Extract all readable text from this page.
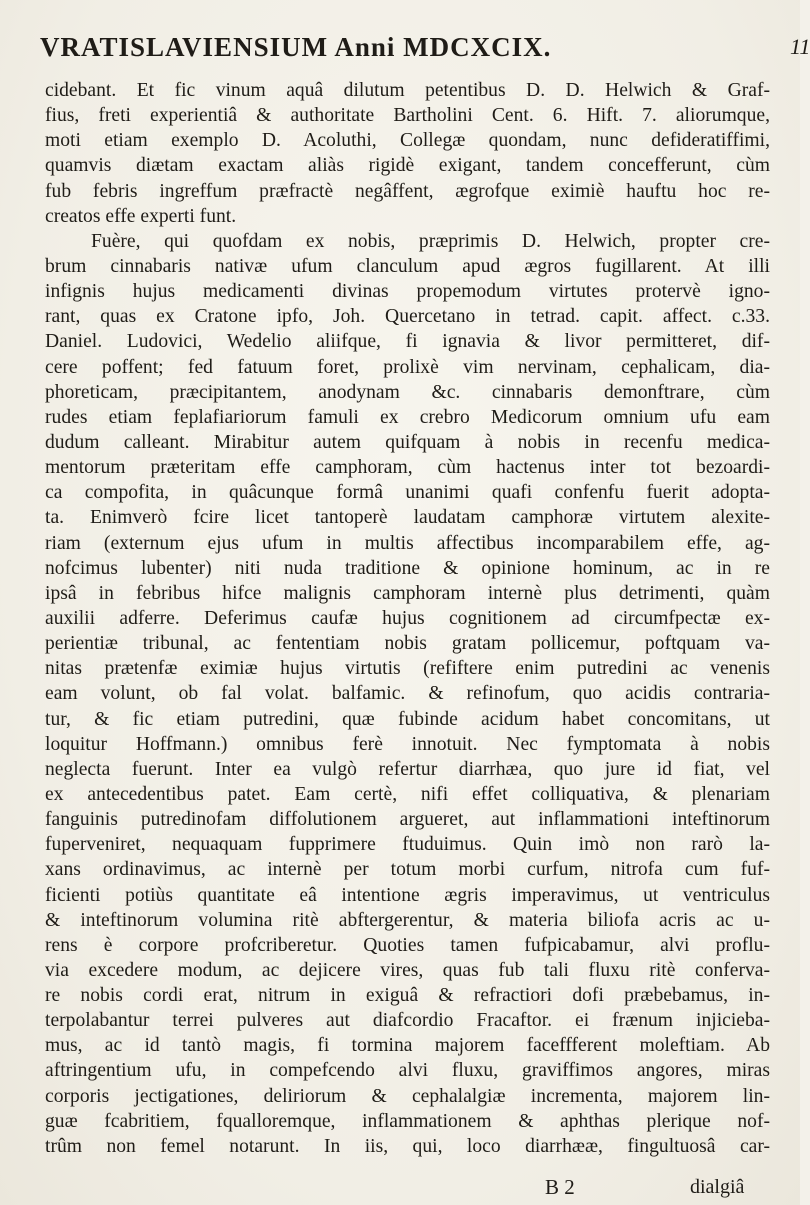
VRATISLAVIENSIUM Anni MDCXCIX.	11
cidebant. Et fic vinum aquâ dilutum petentibus D. D. Helwich & Graf-
fius, freti experientiâ & authoritate Bartholini Cent. 6. Hift. 7. aliorumque,
moti etiam exemplo D. Acoluthi, Collegæ quondam, nunc defideratiffimi,
quamvis diætam exactam aliàs rigidè exigant, tandem concefferunt, cùm
fub febris ingreffum præfractè negâffent, ægrofque eximiè hauftu hoc re-
creatos effe experti funt.
Fuère, qui quofdam ex nobis, præprimis D. Helwich, propter cre-
brum cinnabaris nativæ ufum clanculum apud ægros fugillarent. At illi
infignis hujus medicamenti divinas propemodum virtutes protervè igno-
rant, quas ex Cratone ipfo, Joh. Quercetano in tetrad. capit. affect. c.33.
Daniel. Ludovici, Wedelio aliifque, fi ignavia & livor permitteret, dif-
cere poffent; fed fatuum foret, prolixè vim nervinam, cephalicam, dia-
phoreticam, præcipitantem, anodynam &c. cinnabaris demonftrare, cùm
rudes etiam feplafiariorum famuli ex crebro Medicorum omnium ufu eam
dudum calleant. Mirabitur autem quifquam à nobis in recenfu medica-
mentorum præteritam effe camphoram, cùm hactenus inter tot bezoardi-
ca compofita, in quâcunque formâ unanimi quafi confenfu fuerit adopta-
ta. Enimverò fcire licet tantoperè laudatam camphoræ virtutem alexite-
riam (externum ejus ufum in multis affectibus incomparabilem effe, ag-
nofcimus lubenter) niti nuda traditione & opinione hominum, ac in re
ipsâ in febribus hifce malignis camphoram internè plus detrimenti, quàm
auxilii adferre. Deferimus caufæ hujus cognitionem ad circumfpectæ ex-
perientiæ tribunal, ac fententiam nobis gratam pollicemur, poftquam va-
nitas prætenfæ eximiæ hujus virtutis (refiftere enim putredini ac venenis
eam volunt, ob fal volat. balfamic. & refinofum, quo acidis contraria-
tur, & fic etiam putredini, quæ fubinde acidum habet concomitans, ut
loquitur Hoffmann.) omnibus ferè innotuit. Nec fymptomata à nobis
neglecta fuerunt. Inter ea vulgò refertur diarrhæa, quo jure id fiat, vel
ex antecedentibus patet. Eam certè, nifi effet colliquativa, & plenariam
fanguinis putredinofam diffolutionem argueret, aut inflammationi inteftinorum
fuperveniret, nequaquam fupprimere ftuduimus. Quin imò non rarò la-
xans ordinavimus, ac internè per totum morbi curfum, nitrofa cum fuf-
ficienti potiùs quantitate eâ intentione ægris imperavimus, ut ventriculus
& inteftinorum volumina ritè abftergerentur, & materia biliofa acris ac u-
rens è corpore profcriberetur. Quoties tamen fufpicabamur, alvi proflu-
via excedere modum, ac dejicere vires, quas fub tali fluxu ritè conferva-
re nobis cordi erat, nitrum in exiguâ & refractiori dofi præbebamus, in-
terpolabantur terrei pulveres aut diafcordio Fracaftor. ei frænum injicieba-
mus, ac id tantò magis, fi tormina majorem faceffferent moleftiam. Ab
aftringentium ufu, in compefcendo alvi fluxu, graviffimos angores, miras
corporis jectigationes, deliriorum & cephalalgiæ incrementa, majorem lin-
guæ fcabritiem, fqualloremque, inflammationem & aphthas plerique nof-
trûm non femel notarunt. In iis, qui, loco diarrhææ, fingultuosâ car-
B 2	dialgiâ
